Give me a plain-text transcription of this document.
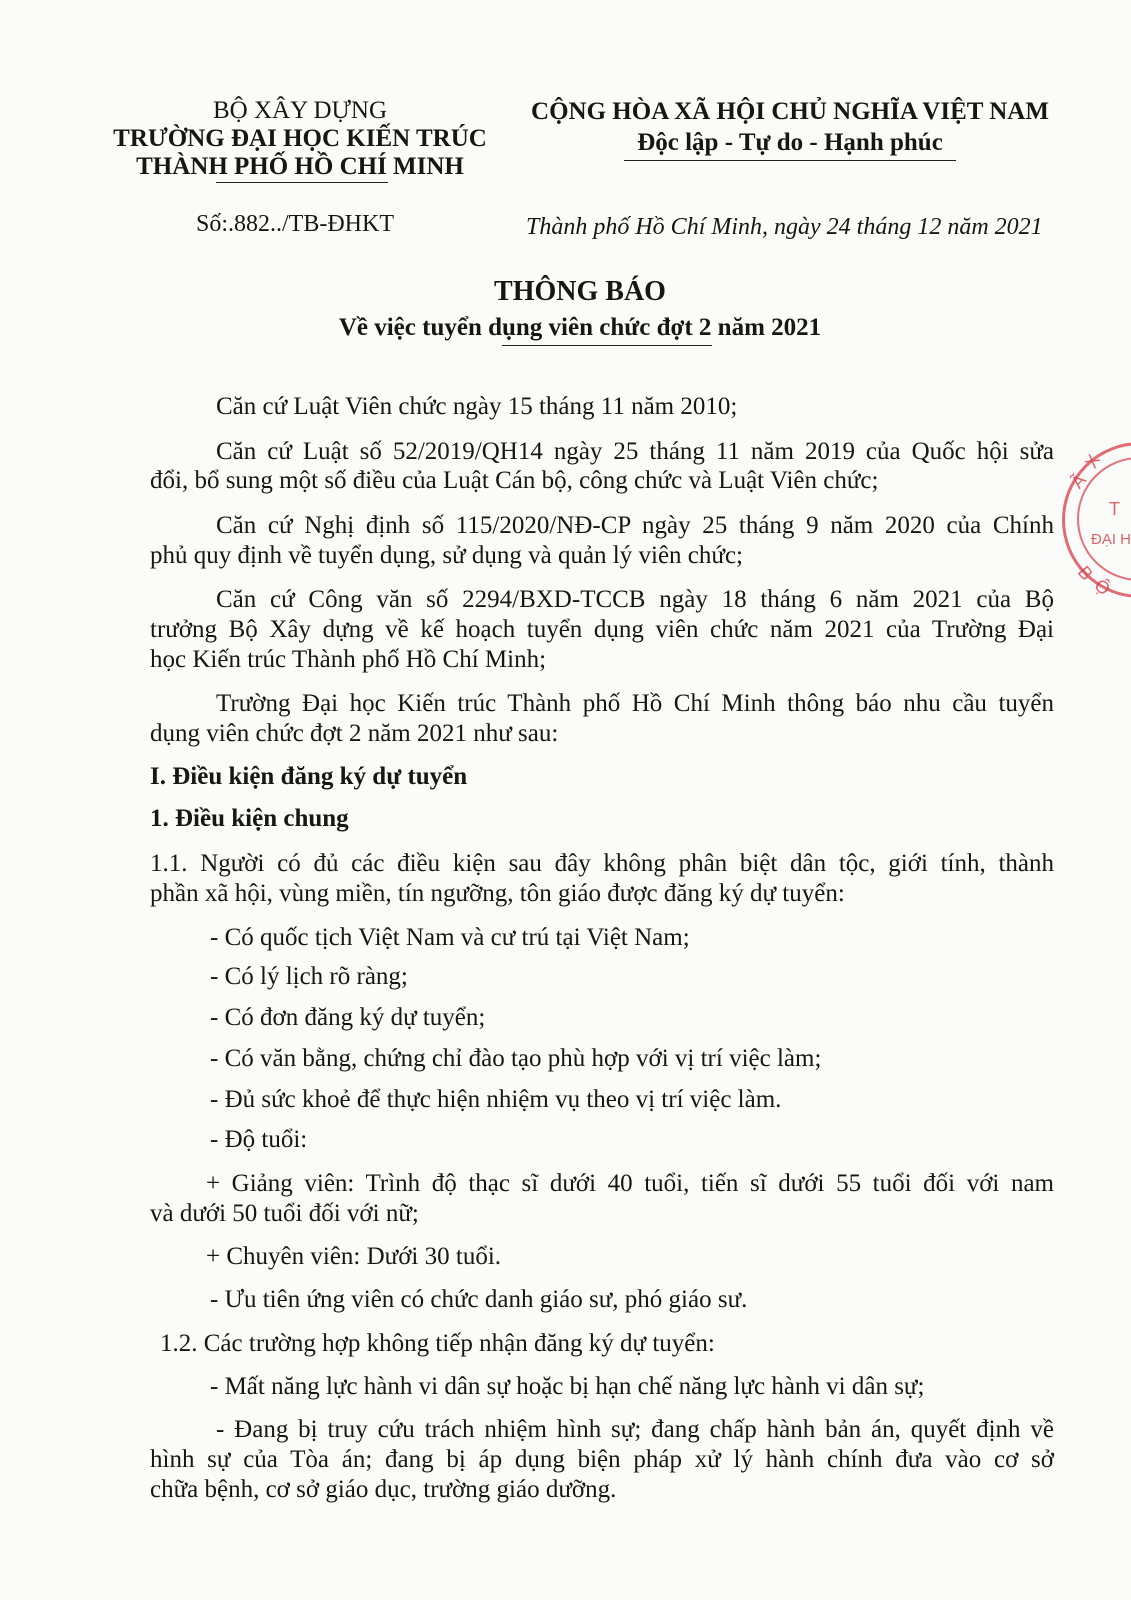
BỘ XÂY DỰNG
TRƯỜNG ĐẠI HỌC KIẾN TRÚC
THÀNH PHỐ HỒ CHÍ MINH
CỘNG HÒA XÃ HỘI CHỦ NGHĨA VIỆT NAM
Độc lập - Tự do - Hạnh phúc
Số:.882../TB-ĐHKT	Thành phố Hồ Chí Minh, ngày 24 tháng 12 năm 2021
THÔNG BÁO
Về việc tuyển dụng viên chức đợt 2 năm 2021
Căn cứ Luật Viên chức ngày 15 tháng 11 năm 2010;
Căn cứ Luật số 52/2019/QH14 ngày 25 tháng 11 năm 2019 của Quốc hội sửa
đổi, bổ sung một số điều của Luật Cán bộ, công chức và Luật Viên chức;
Căn cứ Nghị định số 115/2020/NĐ-CP ngày 25 tháng 9 năm 2020 của Chính
phủ quy định về tuyển dụng, sử dụng và quản lý viên chức;
Căn cứ Công văn số 2294/BXD-TCCB ngày 18 tháng 6 năm 2021 của Bộ
trưởng Bộ Xây dựng về kế hoạch tuyển dụng viên chức năm 2021 của Trường Đại
học Kiến trúc Thành phố Hồ Chí Minh;
Trường Đại học Kiến trúc Thành phố Hồ Chí Minh thông báo nhu cầu tuyển
dụng viên chức đợt 2 năm 2021 như sau:
I. Điều kiện đăng ký dự tuyển
1. Điều kiện chung
1.1. Người có đủ các điều kiện sau đây không phân biệt dân tộc, giới tính, thành
phần xã hội, vùng miền, tín ngưỡng, tôn giáo được đăng ký dự tuyển:
- Có quốc tịch Việt Nam và cư trú tại Việt Nam;
- Có lý lịch rõ ràng;
- Có đơn đăng ký dự tuyển;
- Có văn bằng, chứng chỉ đào tạo phù hợp với vị trí việc làm;
- Đủ sức khoẻ để thực hiện nhiệm vụ theo vị trí việc làm.
- Độ tuổi:
+ Giảng viên: Trình độ thạc sĩ dưới 40 tuổi, tiến sĩ dưới 55 tuổi đối với nam
và dưới 50 tuổi đối với nữ;
+ Chuyên viên: Dưới 30 tuổi.
- Ưu tiên ứng viên có chức danh giáo sư, phó giáo sư.
1.2. Các trường hợp không tiếp nhận đăng ký dự tuyển:
- Mất năng lực hành vi dân sự hoặc bị hạn chế năng lực hành vi dân sự;
- Đang bị truy cứu trách nhiệm hình sự; đang chấp hành bản án, quyết định về
hình sự của Tòa án; đang bị áp dụng biện pháp xử lý hành chính đưa vào cơ sở
chữa bệnh, cơ sở giáo dục, trường giáo dưỡng.
X
Ã
T
ĐẠI H
B
Ộ
